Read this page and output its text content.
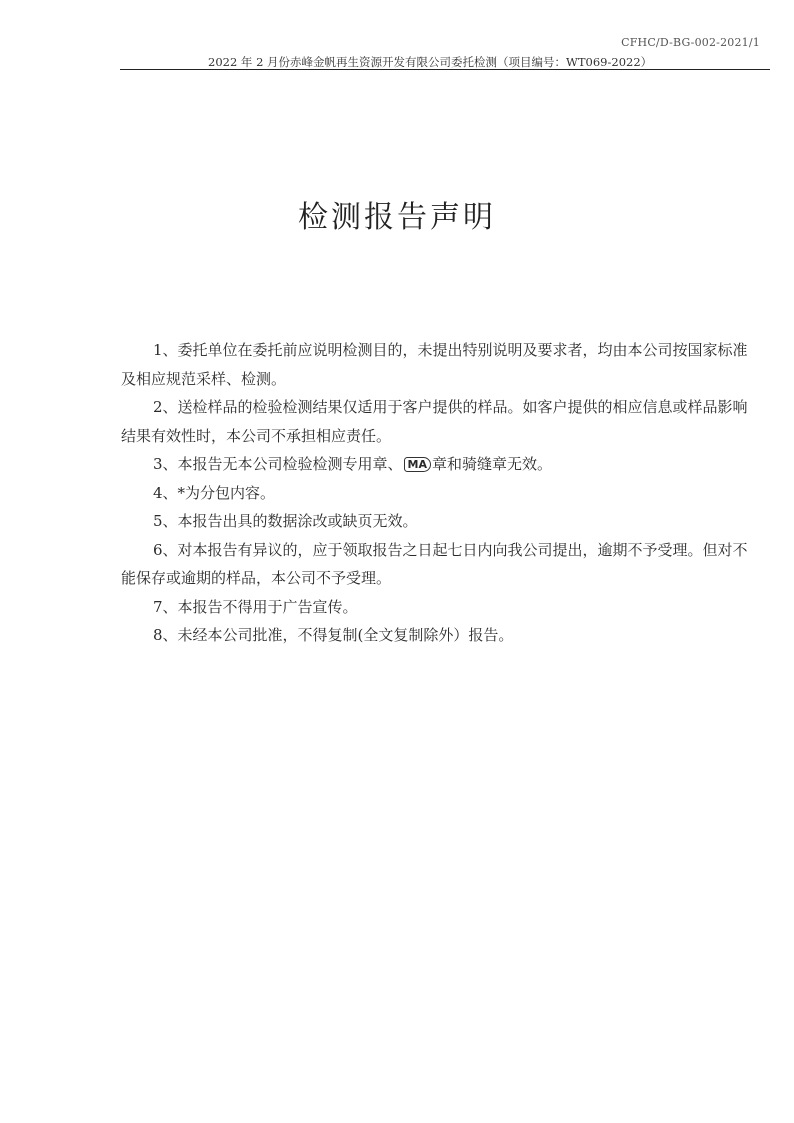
CFHC/D-BG-002-2021/1
2022 年 2 月份赤峰金帆再生资源开发有限公司委托检测（项目编号：WT069-2022）
检测报告声明
1、委托单位在委托前应说明检测目的，未提出特别说明及要求者，均由本公司按国家标准及相应规范采样、检测。
2、送检样品的检验检测结果仅适用于客户提供的样品。如客户提供的相应信息或样品影响结果有效性时，本公司不承担相应责任。
3、本报告无本公司检验检测专用章、 MA 章和骑缝章无效。
4、*为分包内容。
5、本报告出具的数据涂改或缺页无效。
6、对本报告有异议的，应于领取报告之日起七日内向我公司提出，逾期不予受理。但对不能保存或逾期的样品，本公司不予受理。
7、本报告不得用于广告宣传。
8、未经本公司批准，不得复制(全文复制除外）报告。
